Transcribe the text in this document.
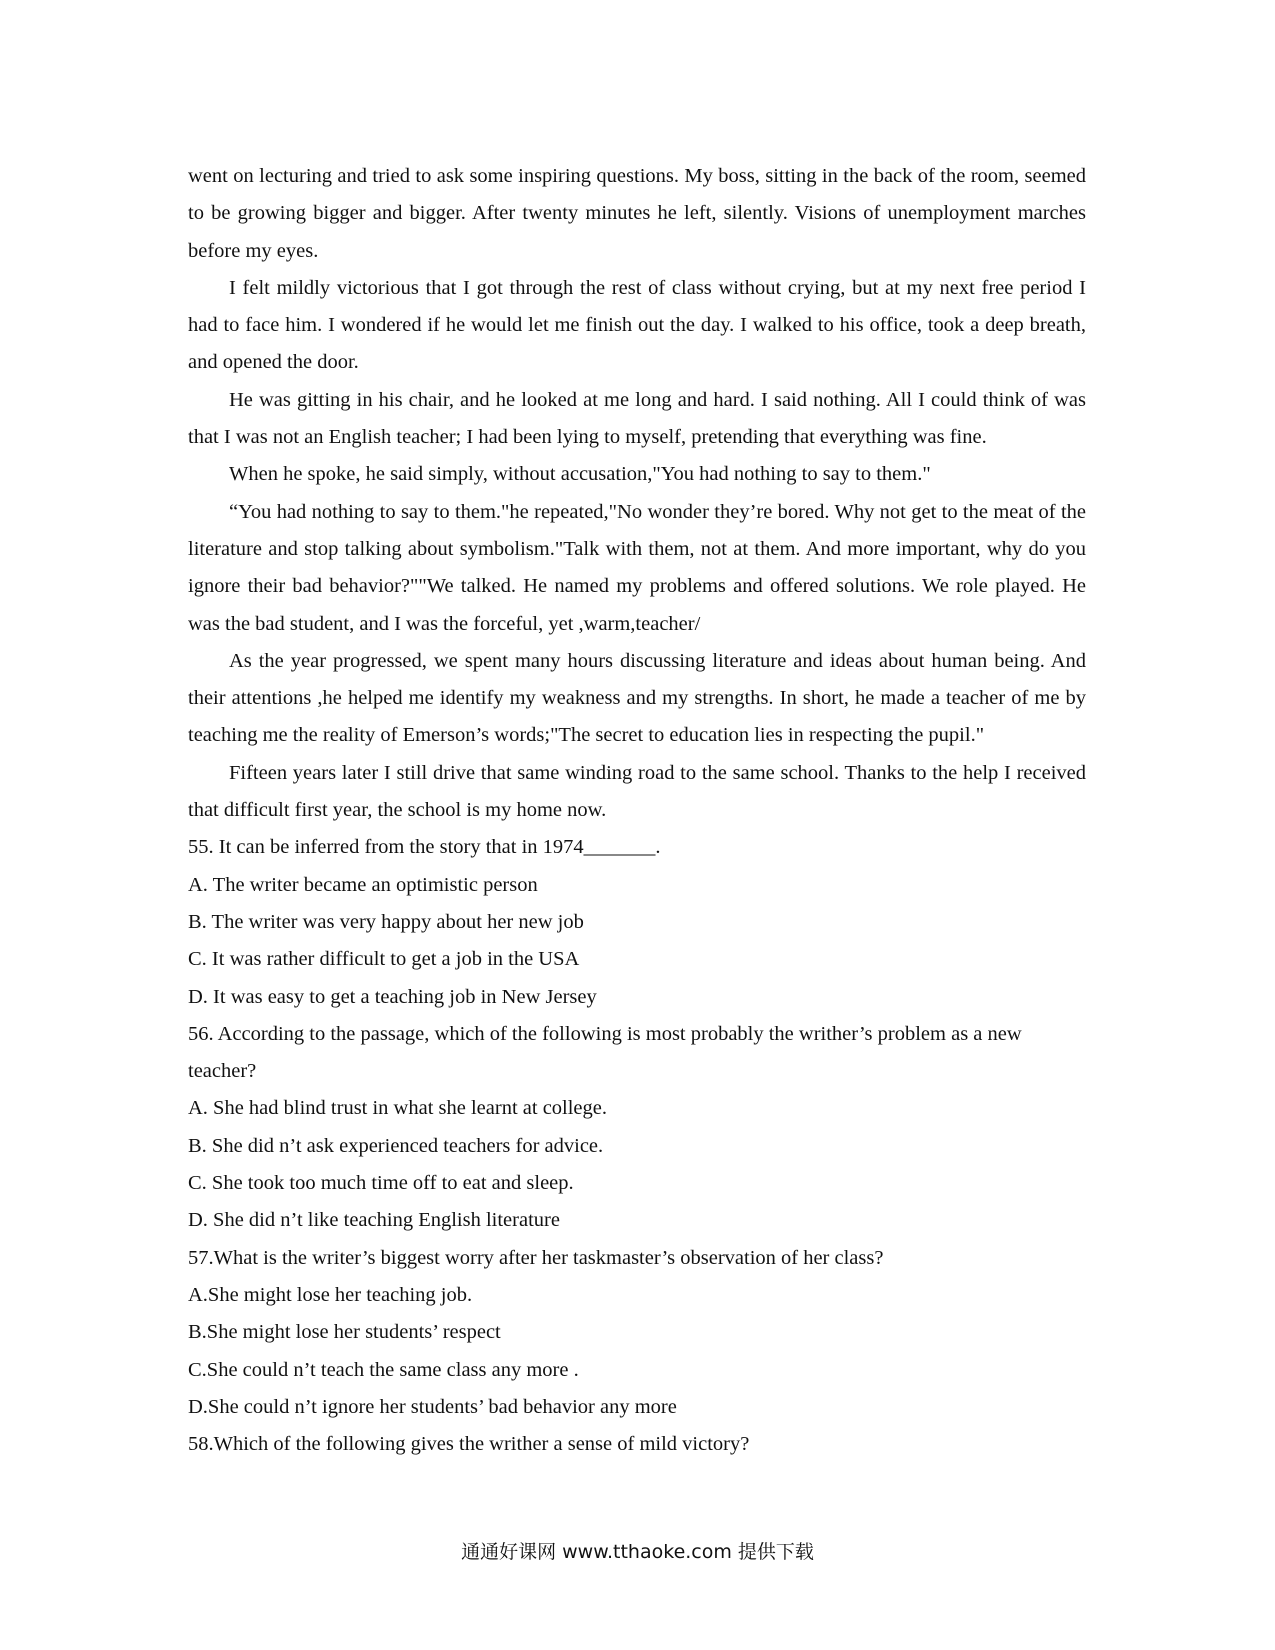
went on lecturing and tried to ask some inspiring questions. My boss, sitting in the back of the room, seemed to be growing bigger and bigger. After twenty minutes he left, silently. Visions of unemployment marches before my eyes.

I felt mildly victorious that I got through the rest of class without crying, but at my next free period I had to face him. I wondered if he would let me finish out the day. I walked to his office, took a deep breath, and opened the door.

He was gitting in his chair, and he looked at me long and hard. I said nothing. All I could think of was that I was not an English teacher; I had been lying to myself, pretending that everything was fine.

When he spoke, he said simply, without accusation,"You had nothing to say to them."

“You had nothing to say to them."he repeated,"No wonder they’re bored. Why not get to the meat of the literature and stop talking about symbolism."Talk with them, not at them. And more important, why do you ignore their bad behavior?""We talked. He named my problems and offered solutions. We role played. He was the bad student, and I was the forceful, yet ,warm,teacher/

As the year progressed, we spent many hours discussing literature and ideas about human being. And their attentions ,he helped me identify my weakness and my strengths. In short, he made a teacher of me by teaching me the reality of Emerson’s words;"The secret to education lies in respecting the pupil."

Fifteen years later I still drive that same winding road to the same school. Thanks to the help I received that difficult first year, the school is my home now.

55. It can be inferred from the story that in 1974_______.

A. The writer became an optimistic person

B. The writer was very happy about her new job

C. It was rather difficult to get a job in the USA

D. It was easy to get a teaching job in New Jersey

56. According to the passage, which of the following is most probably the writher’s problem as a new teacher?

A. She had blind trust in what she learnt at college.

B. She did n’t ask experienced teachers for advice.

C. She took too much time off to eat and sleep.

D. She did n’t like teaching English literature

57.What is the writer’s biggest worry after her taskmaster’s observation of her class?

A.She might lose her teaching job.

B.She might lose her students’ respect

C.She could n’t teach the same class any more .

D.She could n’t ignore her students’ bad behavior any more

58.Which of the following gives the writher a sense of mild victory?

通通好课网 www.tthaoke.com 提供下载
